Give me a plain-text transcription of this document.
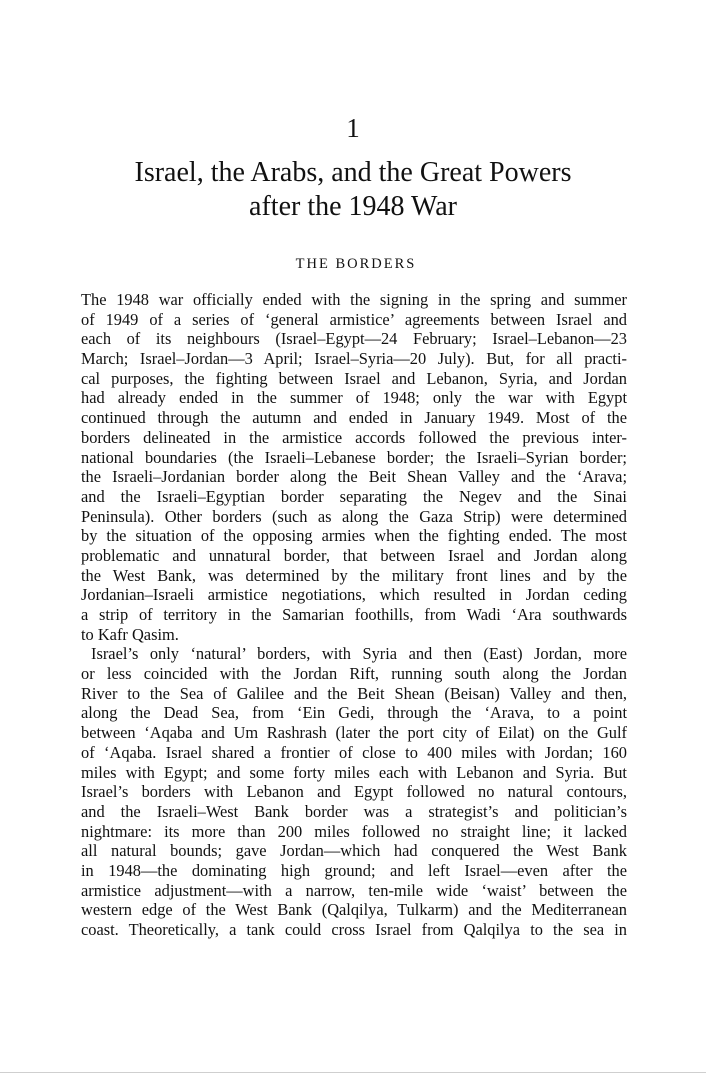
1
Israel, the Arabs, and the Great Powers
after the 1948 War
THE BORDERS
The 1948 war officially ended with the signing in the spring and summer
of 1949 of a series of ‘general armistice’ agreements between Israel and
each of its neighbours (Israel–Egypt—24 February; Israel–Lebanon—23
March; Israel–Jordan—3 April; Israel–Syria—20 July). But, for all practi-
cal purposes, the fighting between Israel and Lebanon, Syria, and Jordan
had already ended in the summer of 1948; only the war with Egypt
continued through the autumn and ended in January 1949. Most of the
borders delineated in the armistice accords followed the previous inter-
national boundaries (the Israeli–Lebanese border; the Israeli–Syrian border;
the Israeli–Jordanian border along the Beit Shean Valley and the ‘Arava;
and the Israeli–Egyptian border separating the Negev and the Sinai
Peninsula). Other borders (such as along the Gaza Strip) were determined
by the situation of the opposing armies when the fighting ended. The most
problematic and unnatural border, that between Israel and Jordan along
the West Bank, was determined by the military front lines and by the
Jordanian–Israeli armistice negotiations, which resulted in Jordan ceding
a strip of territory in the Samarian foothills, from Wadi ‘Ara southwards
to Kafr Qasim.
Israel’s only ‘natural’ borders, with Syria and then (East) Jordan, more
or less coincided with the Jordan Rift, running south along the Jordan
River to the Sea of Galilee and the Beit Shean (Beisan) Valley and then,
along the Dead Sea, from ‘Ein Gedi, through the ‘Arava, to a point
between ‘Aqaba and Um Rashrash (later the port city of Eilat) on the Gulf
of ‘Aqaba. Israel shared a frontier of close to 400 miles with Jordan; 160
miles with Egypt; and some forty miles each with Lebanon and Syria. But
Israel’s borders with Lebanon and Egypt followed no natural contours,
and the Israeli–West Bank border was a strategist’s and politician’s
nightmare: its more than 200 miles followed no straight line; it lacked
all natural bounds; gave Jordan—which had conquered the West Bank
in 1948—the dominating high ground; and left Israel—even after the
armistice adjustment—with a narrow, ten-mile wide ‘waist’ between the
western edge of the West Bank (Qalqilya, Tulkarm) and the Mediterranean
coast. Theoretically, a tank could cross Israel from Qalqilya to the sea in
